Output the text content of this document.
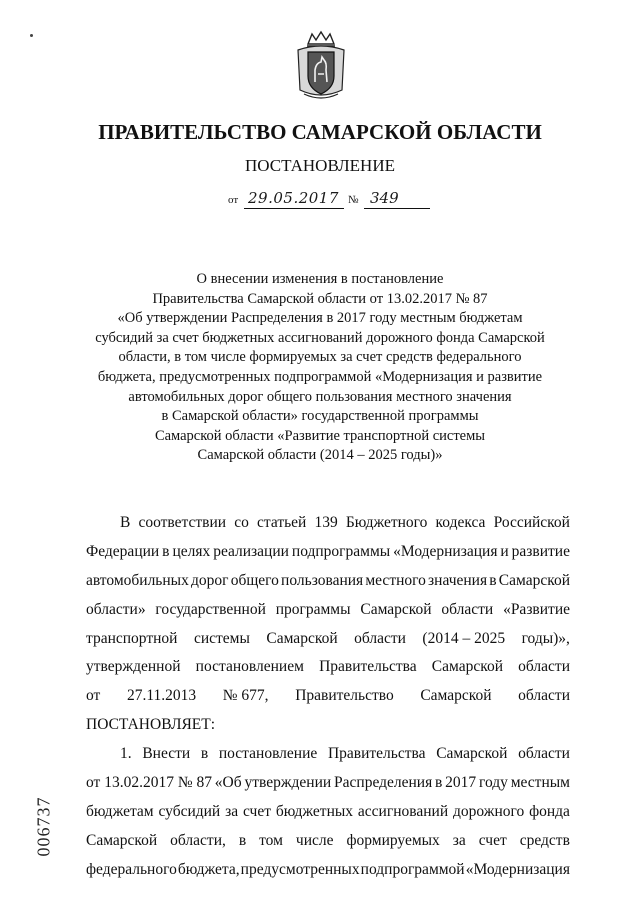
ПРАВИТЕЛЬСТВО САМАРСКОЙ ОБЛАСТИ
ПОСТАНОВЛЕНИЕ
от 29.05.2017 № 349
О внесении изменения в постановление
Правительства Самарской области от 13.02.2017 № 87
«Об утверждении Распределения в 2017 году местным бюджетам
субсидий за счет бюджетных ассигнований дорожного фонда Самарской
области, в том числе формируемых за счет средств федерального
бюджета, предусмотренных подпрограммой «Модернизация и развитие
автомобильных дорог общего пользования местного значения
в Самарской области» государственной программы
Самарской области «Развитие транспортной системы
Самарской области (2014 – 2025 годы)»
В соответствии со статьей 139 Бюджетного кодекса Российской
Федерации в целях реализации подпрограммы «Модернизация и развитие
автомобильных дорог общего пользования местного значения в Самарской
области» государственной программы Самарской области «Развитие
транспортной системы Самарской области (2014 – 2025 годы)»,
утвержденной постановлением Правительства Самарской области
от 27.11.2013 № 677, Правительство Самарской области
ПОСТАНОВЛЯЕТ:
1. Внести в постановление Правительства Самарской области
от 13.02.2017 № 87 «Об утверждении Распределения в 2017 году местным
бюджетам субсидий за счет бюджетных ассигнований дорожного фонда
Самарской области, в том числе формируемых за счет средств
федерального бюджета, предусмотренных подпрограммой «Модернизация
006737
